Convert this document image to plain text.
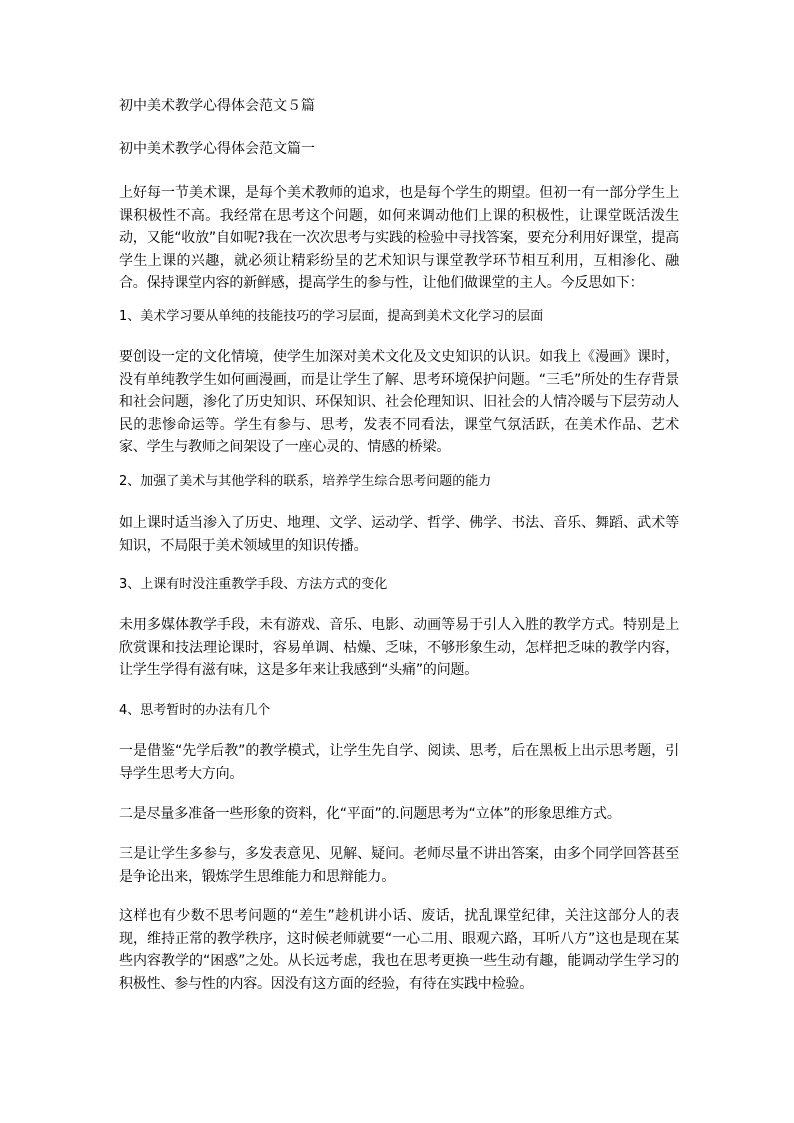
初中美术教学心得体会范文５篇

初中美术教学心得体会范文篇一

上好每一节美术课，是每个美术教师的追求，也是每个学生的期望。但初一有一部分学生上课积极性不高。我经常在思考这个问题，如何来调动他们上课的积极性，让课堂既活泼生动，又能“收放”自如呢?我在一次次思考与实践的检验中寻找答案，要充分利用好课堂，提高学生上课的兴趣，就必须让精彩纷呈的艺术知识与课堂教学环节相互利用，互相渗化、融合。保持课堂内容的新鲜感，提高学生的参与性，让他们做课堂的主人。今反思如下：

1、美术学习要从单纯的技能技巧的学习层面，提高到美术文化学习的层面

要创设一定的文化情境，使学生加深对美术文化及文史知识的认识。如我上《漫画》课时，没有单纯教学生如何画漫画，而是让学生了解、思考环境保护问题。“三毛”所处的生存背景和社会问题，渗化了历史知识、环保知识、社会伦理知识、旧社会的人情冷暖与下层劳动人民的悲惨命运等。学生有参与、思考，发表不同看法，课堂气氛活跃，在美术作品、艺术家、学生与教师之间架设了一座心灵的、情感的桥梁。

2、加强了美术与其他学科的联系，培养学生综合思考问题的能力

如上课时适当渗入了历史、地理、文学、运动学、哲学、佛学、书法、音乐、舞蹈、武术等知识，不局限于美术领域里的知识传播。

3、上课有时没注重教学手段、方法方式的变化

未用多媒体教学手段，未有游戏、音乐、电影、动画等易于引人入胜的教学方式。特别是上欣赏课和技法理论课时，容易单调、枯燥、乏味，不够形象生动，怎样把乏味的教学内容，让学生学得有滋有味，这是多年来让我感到“头痛”的问题。

4、思考暂时的办法有几个

一是借鉴“先学后教”的教学模式，让学生先自学、阅读、思考，后在黑板上出示思考题，引导学生思考大方向。

二是尽量多准备一些形象的资料，化“平面”的.问题思考为“立体”的形象思维方式。

三是让学生多参与，多发表意见、见解、疑问。老师尽量不讲出答案，由多个同学回答甚至是争论出来，锻炼学生思维能力和思辩能力。

这样也有少数不思考问题的“差生”趁机讲小话、废话，扰乱课堂纪律，关注这部分人的表现，维持正常的教学秩序，这时候老师就要“一心二用、眼观六路，耳听八方”这也是现在某些内容教学的“困惑”之处。从长远考虑，我也在思考更换一些生动有趣，能调动学生学习的积极性、参与性的内容。因没有这方面的经验，有待在实践中检验。
